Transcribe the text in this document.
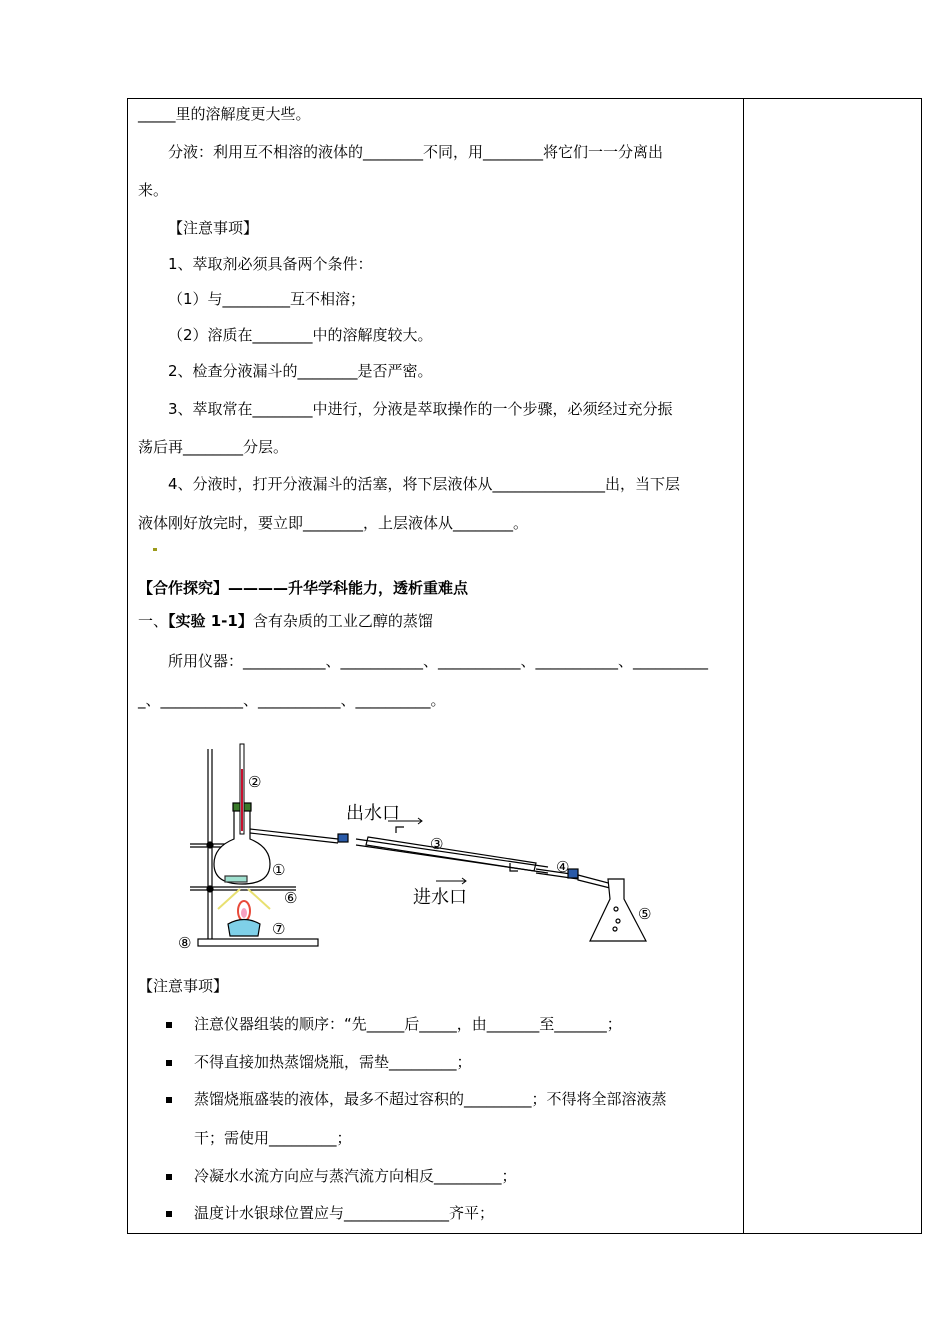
_____里的溶解度更大些。
分液：利用互不相溶的液体的________不同，用________将它们一一分离出
来。
【注意事项】
1、萃取剂必须具备两个条件：
（1）与_________互不相溶；
（2）溶质在________中的溶解度较大。
2、检查分液漏斗的________是否严密。
3、萃取常在________中进行，分液是萃取操作的一个步骤，必须经过充分振
荡后再________分层。
4、分液时，打开分液漏斗的活塞，将下层液体从_______________出，当下层
液体刚好放完时，要立即________，上层液体从________。
【合作探究】————升华学科能力，透析重难点
一、【实验 1-1】含有杂质的工业乙醇的蒸馏
所用仪器：___________、___________、___________、___________、__________
_、___________、___________、__________。
出水口
进水口
②
①
③
④
⑤
⑥
⑦
⑧
【注意事项】
注意仪器组装的顺序：“先_____后_____，由_______至_______；
不得直接加热蒸馏烧瓶，需垫_________；
蒸馏烧瓶盛装的液体，最多不超过容积的_________；不得将全部溶液蒸
干；需使用_________；
冷凝水水流方向应与蒸汽流方向相反_________；
温度计水银球位置应与______________齐平；
